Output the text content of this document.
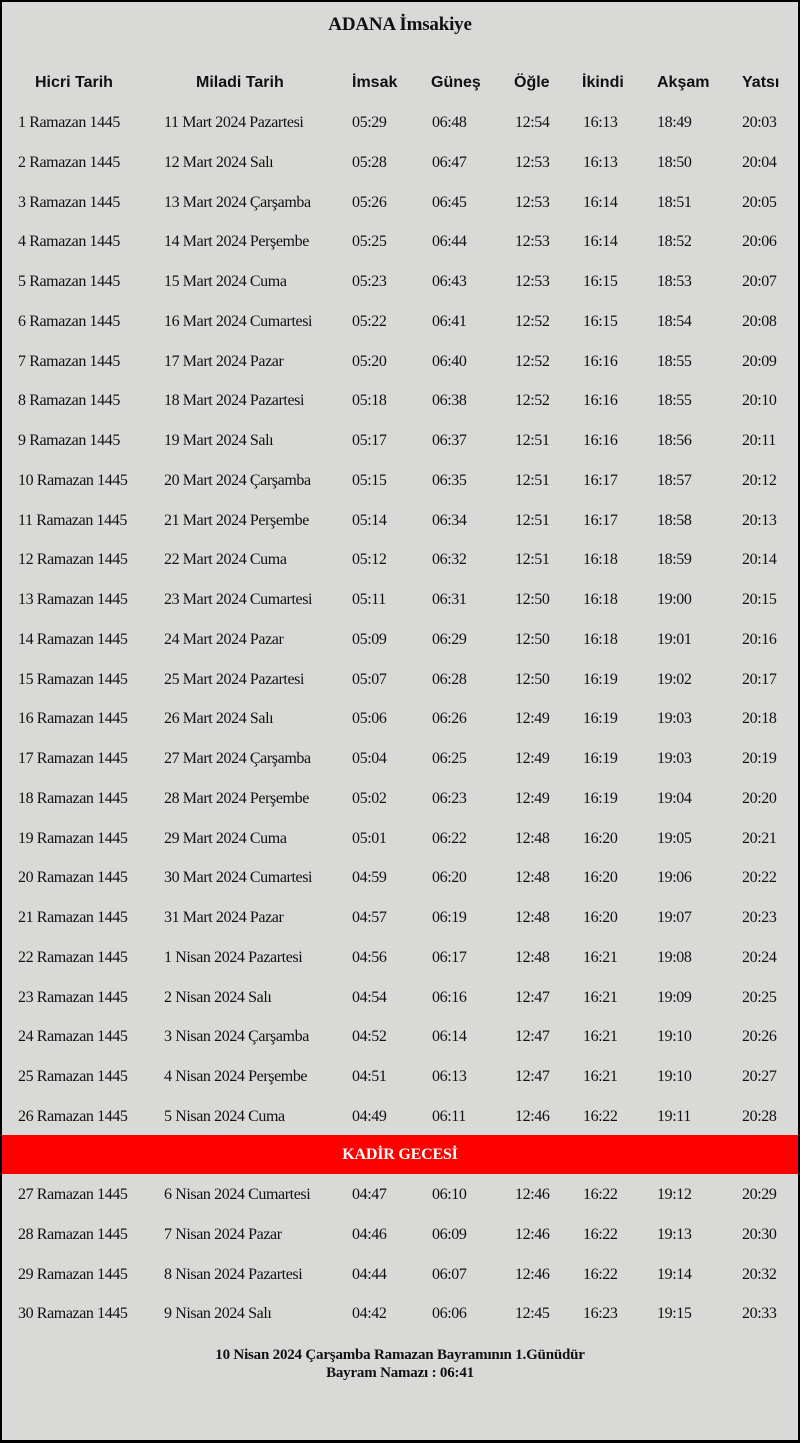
ADANA İmsakiye
Hicri Tarih	Miladi Tarih	İmsak Güneş Öğle İkindi Akşam Yatsı
1 Ramazan 1445	11 Mart 2024 Pazartesi	05:29	06:48	12:54 16:13 18:49	20:03
2 Ramazan 1445	12 Mart 2024 Salı	05:28	06:47	12:53 16:13 18:50	20:04
3 Ramazan 1445	13 Mart 2024 Çarşamba	05:26	06:45	12:53 16:14 18:51	20:05
4 Ramazan 1445	14 Mart 2024 Perşembe	05:25	06:44	12:53 16:14 18:52	20:06
5 Ramazan 1445	15 Mart 2024 Cuma	05:23	06:43	12:53 16:15 18:53	20:07
6 Ramazan 1445	16 Mart 2024 Cumartesi 05:22	06:41	12:52 16:15 18:54	20:08
7 Ramazan 1445	17 Mart 2024 Pazar	05:20	06:40	12:52 16:16 18:55	20:09
8 Ramazan 1445	18 Mart 2024 Pazartesi	05:18	06:38	12:52 16:16 18:55	20:10
9 Ramazan 1445	19 Mart 2024 Salı	05:17	06:37	12:51 16:16 18:56	20:11
10 Ramazan 1445 20 Mart 2024 Çarşamba	05:15	06:35	12:51 16:17 18:57	20:12
11 Ramazan 1445 21 Mart 2024 Perşembe	05:14	06:34	12:51 16:17 18:58	20:13
12 Ramazan 1445 22 Mart 2024 Cuma	05:12	06:32	12:51 16:18 18:59	20:14
13 Ramazan 1445 23 Mart 2024 Cumartesi 05:11	06:31	12:50 16:18 19:00	20:15
14 Ramazan 1445 24 Mart 2024 Pazar	05:09	06:29	12:50 16:18 19:01	20:16
15 Ramazan 1445 25 Mart 2024 Pazartesi	05:07	06:28	12:50 16:19 19:02	20:17
16 Ramazan 1445 26 Mart 2024 Salı	05:06	06:26	12:49 16:19 19:03	20:18
17 Ramazan 1445 27 Mart 2024 Çarşamba	05:04	06:25	12:49 16:19 19:03	20:19
18 Ramazan 1445 28 Mart 2024 Perşembe	05:02	06:23	12:49 16:19 19:04	20:20
19 Ramazan 1445 29 Mart 2024 Cuma	05:01	06:22	12:48 16:20 19:05	20:21
20 Ramazan 1445 30 Mart 2024 Cumartesi 04:59	06:20	12:48 16:20 19:06	20:22
21 Ramazan 1445 31 Mart 2024 Pazar	04:57	06:19	12:48 16:20 19:07	20:23
22 Ramazan 1445 1 Nisan 2024 Pazartesi	04:56	06:17	12:48 16:21 19:08	20:24
23 Ramazan 1445 2 Nisan 2024 Salı	04:54	06:16	12:47 16:21 19:09	20:25
24 Ramazan 1445 3 Nisan 2024 Çarşamba	04:52	06:14	12:47 16:21 19:10	20:26
25 Ramazan 1445 4 Nisan 2024 Perşembe	04:51	06:13	12:47 16:21 19:10	20:27
26 Ramazan 1445 5 Nisan 2024 Cuma	04:49	06:11	12:46 16:22 19:11	20:28
KADİR GECESİ
27 Ramazan 1445 6 Nisan 2024 Cumartesi	04:47	06:10	12:46 16:22 19:12	20:29
28 Ramazan 1445 7 Nisan 2024 Pazar	04:46	06:09	12:46 16:22 19:13	20:30
29 Ramazan 1445 8 Nisan 2024 Pazartesi	04:44	06:07	12:46 16:22 19:14	20:32
30 Ramazan 1445 9 Nisan 2024 Salı	04:42	06:06	12:45 16:23 19:15	20:33
10 Nisan 2024 Çarşamba Ramazan Bayramının 1.Günüdür
Bayram Namazı : 06:41
